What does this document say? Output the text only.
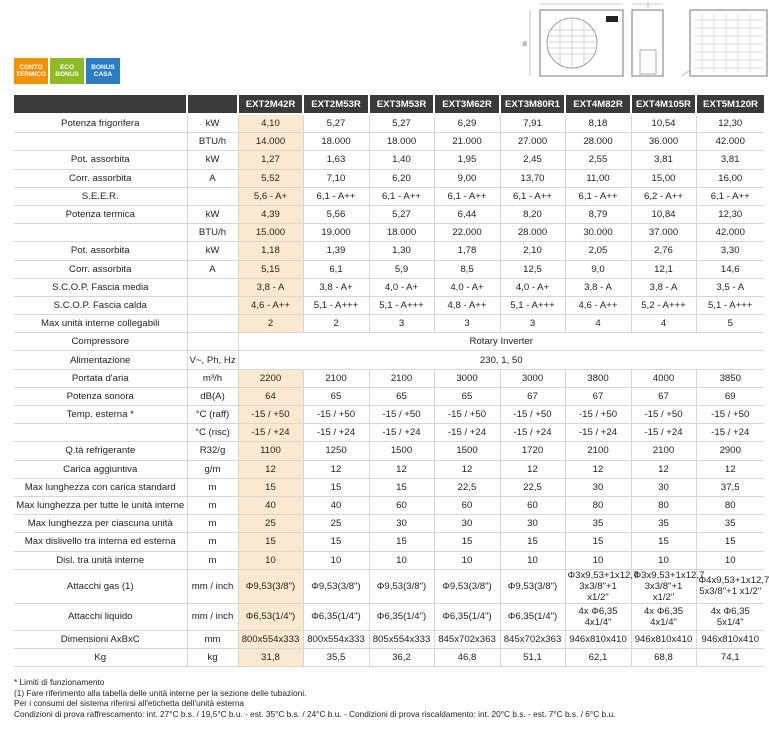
B
CONTO TERMICO
ECO BONUS
BONUS CASA
		EXT2M42R	EXT2M53R	EXT3M53R	EXT3M62R	EXT3M80R1	EXT4M82R	EXT4M105R	EXT5M120R
Potenza frigorifera	kW	4,10	5,27	5,27	6,29	7,91	8,18	10,54	12,30
	BTU/h	14.000	18.000	18.000	21.000	27.000	28.000	36.000	42.000
Pot. assorbita	kW	1,27	1,63	1,40	1,95	2,45	2,55	3,81	3,81
Corr. assorbita	A	5,52	7,10	6,20	9,00	13,70	11,00	15,00	16,00
S.E.E.R.		5,6 - A+	6,1 - A++	6,1 - A++	6,1 - A++	6,1 - A++	6,1 - A++	6,2 - A++	6,1 - A++
Potenza termica	kW	4,39	5,56	5,27	6,44	8,20	8,79	10,84	12,30
	BTU/h	15.000	19.000	18.000	22.000	28.000	30.000	37.000	42.000
Pot. assorbita	kW	1,18	1,39	1,30	1,78	2,10	2,05	2,76	3,30
Corr. assorbita	A	5,15	6,1	5,9	8,5	12,5	9,0	12,1	14,6
S.C.O.P. Fascia media		3,8 - A	3,8 - A+	4,0 - A+	4,0 - A+	4,0 - A+	3,8 - A	3,8 - A	3,5 - A
S.C.O.P. Fascia calda		4,6 - A++	5,1 - A+++	5,1 - A+++	4,8 - A++	5,1 - A+++	4,6 - A++	5,2 - A+++	5,1 - A+++
Max unità interne collegabili		2	2	3	3	3	4	4	5
Compressore		Rotary Inverter							
Alimentazione	V~, Ph, Hz	230, 1, 50							
Portata d'aria	m³/h	2200	2100	2100	3000	3000	3800	4000	3850
Potenza sonora	dB(A)	64	65	65	65	67	67	67	69
Temp. esterna *	°C (raff)	-15 / +50	-15 / +50	-15 / +50	-15 / +50	-15 / +50	-15 / +50	-15 / +50	-15 / +50
	°C (risc)	-15 / +24	-15 / +24	-15 / +24	-15 / +24	-15 / +24	-15 / +24	-15 / +24	-15 / +24
Q.tà refrigerante	R32/g	1100	1250	1500	1500	1720	2100	2100	2900
Carica aggiuntiva	g/m	12	12	12	12	12	12	12	12
Max lunghezza con carica standard	m	15	15	15	22,5	22,5	30	30	37,5
Max lunghezza per tutte le unità interne	m	40	40	60	60	60	80	80	80
Max lunghezza per ciascuna unità	m	25	25	30	30	30	35	35	35
Max dislivello tra interna ed esterna	m	15	15	15	15	15	15	15	15
Disl. tra unità interne	m	10	10	10	10	10	10	10	10
Attacchi gas (1)	mm / inch	Φ9,53(3/8")	Φ9,53(3/8")	Φ9,53(3/8")	Φ9,53(3/8")	Φ9,53(3/8")	Φ3x9,53+1x12,7 3x3/8"+1 x1/2"	Φ3x9,53+1x12,7 3x3/8"+1 x1/2"	Φ4x9,53+1x12,7 5x3/8"+1 x1/2"
Attacchi liquido	mm / inch	Φ6,53(1/4")	Φ6,35(1/4")	Φ6,35(1/4")	Φ6,35(1/4")	Φ6,35(1/4")	4x Φ6,35 4x1/4"	4x Φ6,35 4x1/4"	4x Φ6,35 5x1/4"
Dimensioni AxBxC	mm	800x554x333	800x554x333	805x554x333	845x702x363	845x702x363	946x810x410	946x810x410	946x810x410
Kg	kg	31,8	35,5	36,2	46,8	51,1	62,1	68,8	74,1
* Limiti di funzionamento
(1) Fare riferimento alla tabella delle unità interne per la sezione delle tubazioni.
Per i consumi del sistema riferirsi all'etichetta dell'unità esterna
Condizioni di prova raffrescamento: int. 27°C b.s. / 19,5°C b.u. - est. 35°C b.s. / 24°C b.u. - Condizioni di prova riscaldamento: int. 20°C b.s. - est. 7°C b.s. / 6°C b.u.
